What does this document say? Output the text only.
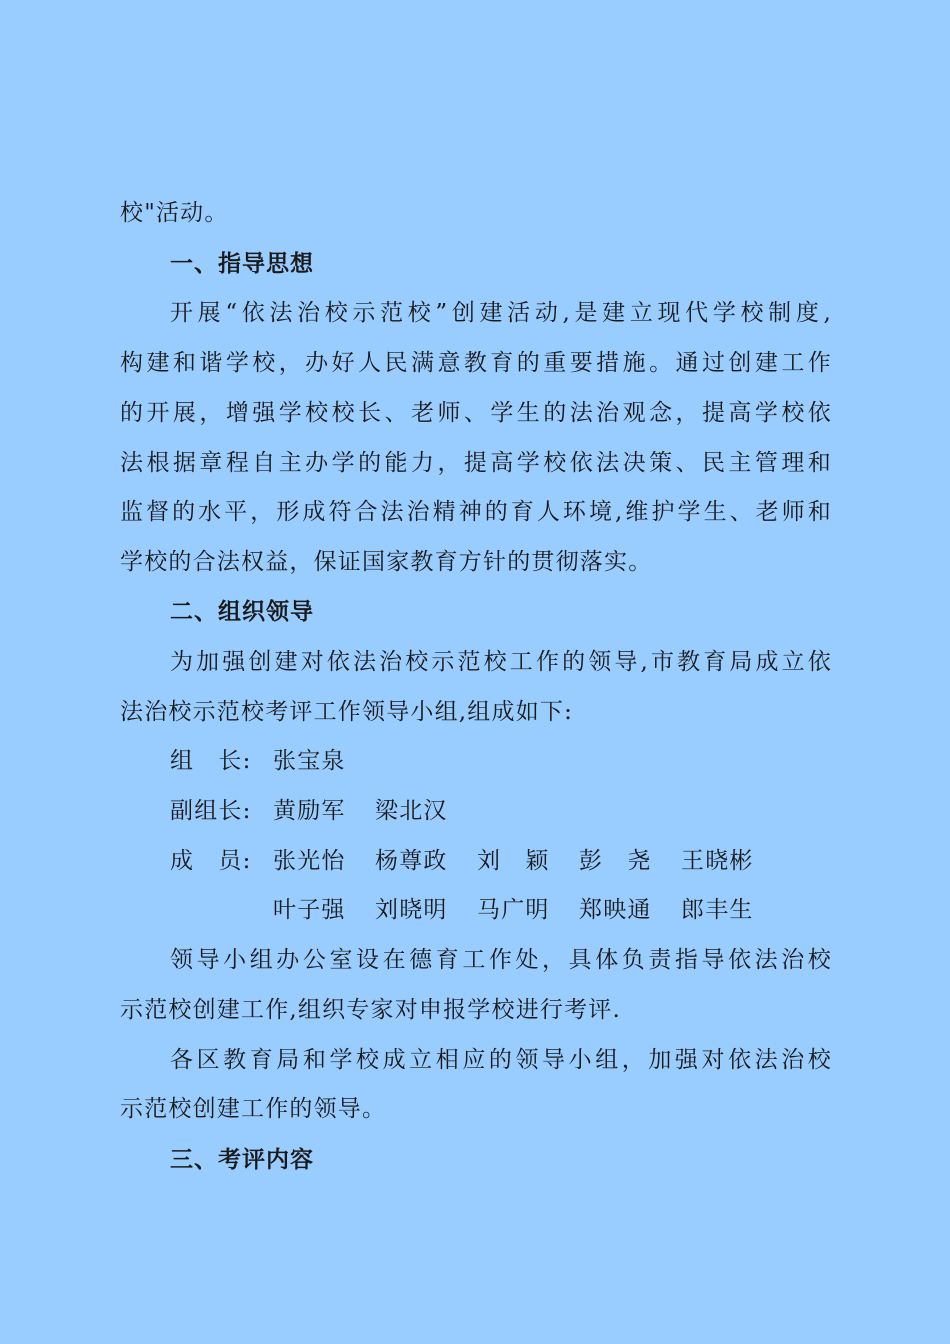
校"活动。
一、指导思想
开展“依法治校示范校”创建活动,是建立现代学校制度,
构建和谐学校，办好人民满意教育的重要措施。通过创建工作
的开展，增强学校校长、老师、学生的法治观念，提高学校依
法根据章程自主办学的能力，提高学校依法决策、民主管理和
监督的水平，形成符合法治精神的育人环境,维护学生、老师和
学校的合法权益，保证国家教育方针的贯彻落实。
二、组织领导
为加强创建对依法治校示范校工作的领导,市教育局成立依
法治校示范校考评工作领导小组,组成如下:
组　长: 张宝泉
副组长: 黄励军 梁北汉
成　员: 张光怡 杨尊政 刘　颖 彭　尧 王晓彬
叶子强 刘晓明 马广明 郑映通 郎丰生
领导小组办公室设在德育工作处，具体负责指导依法治校
示范校创建工作,组织专家对申报学校进行考评.
各区教育局和学校成立相应的领导小组，加强对依法治校
示范校创建工作的领导。
三、考评内容
